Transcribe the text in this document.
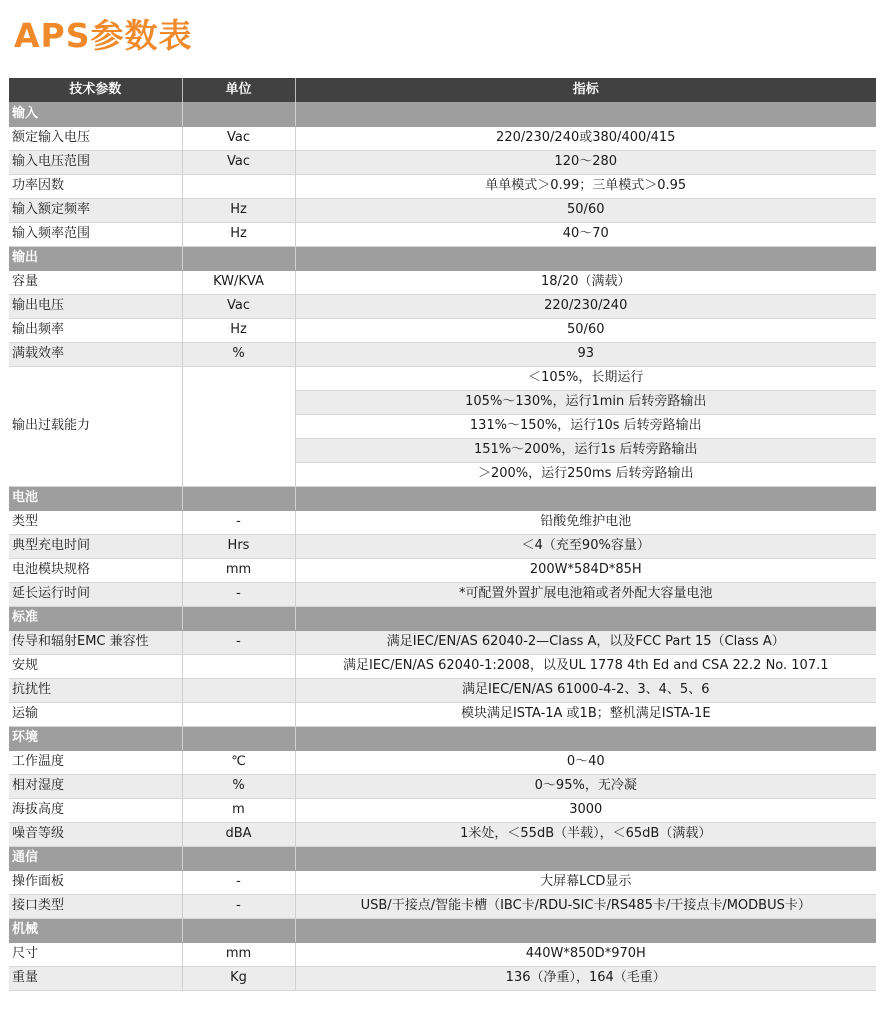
APS参数表
技术参数	单位	指标
输入		
额定输入电压	Vac	220/230/240或380/400/415
输入电压范围	Vac	120～280
功率因数		单单模式＞0.99；三单模式＞0.95
输入额定频率	Hz	50/60
输入频率范围	Hz	40～70
输出		
容量	KW/KVA	18/20（满载）
输出电压	Vac	220/230/240
输出频率	Hz	50/60
满载效率	%	93
输出过载能力		＜105%，长期运行
		105%～130%，运行1min 后转旁路输出
		131%～150%，运行10s 后转旁路输出
		151%～200%，运行1s 后转旁路输出
		＞200%，运行250ms 后转旁路输出
电池		
类型	-	铅酸免维护电池
典型充电时间	Hrs	＜4（充至90%容量）
电池模块规格	mm	200W*584D*85H
延长运行时间	-	*可配置外置扩展电池箱或者外配大容量电池
标准		
传导和辐射EMC 兼容性	-	满足IEC/EN/AS 62040-2—Class A，以及FCC Part 15（Class A）
安规		满足IEC/EN/AS 62040-1:2008，以及UL 1778 4th Ed and CSA 22.2 No. 107.1
抗扰性		满足IEC/EN/AS 61000-4-2、3、4、5、6
运输		模块满足ISTA-1A 或1B；整机满足ISTA-1E
环境		
工作温度	℃	0～40
相对湿度	%	0～95%，无冷凝
海拔高度	m	3000
噪音等级	dBA	1米处，＜55dB（半载），＜65dB（满载）
通信		
操作面板	-	大屏幕LCD显示
接口类型	-	USB/干接点/智能卡槽（IBC卡/RDU-SIC卡/RS485卡/干接点卡/MODBUS卡）
机械		
尺寸	mm	440W*850D*970H
重量	Kg	136（净重），164（毛重）
